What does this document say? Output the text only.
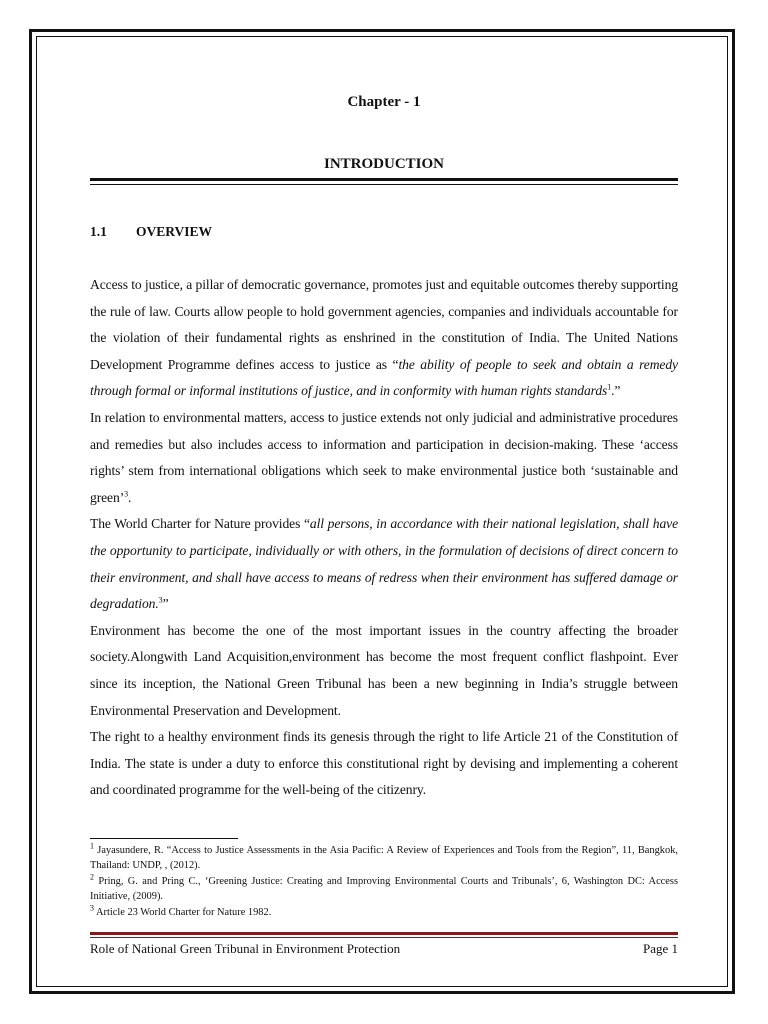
Chapter - 1
INTRODUCTION
1.1 OVERVIEW

Access to justice, a pillar of democratic governance, promotes just and equitable outcomes thereby supporting the rule of law. Courts allow people to hold government agencies, companies and individuals accountable for the violation of their fundamental rights as enshrined in the constitution of India. The United Nations Development Programme defines access to justice as “the ability of people to seek and obtain a remedy through formal or informal institutions of justice, and in conformity with human rights standards$^1$.”

In relation to environmental matters, access to justice extends not only judicial and administrative procedures and remedies but also includes access to information and participation in decision-making. These ‘access rights’ stem from international obligations which seek to make environmental justice both ‘sustainable and green’$^3$.

The World Charter for Nature provides “all persons, in accordance with their national legislation, shall have the opportunity to participate, individually or with others, in the formulation of decisions of direct concern to their environment, and shall have access to means of redress when their environment has suffered damage or degradation.$^3$”

Environment has become the one of the most important issues in the country affecting the broader society.Alongwith Land Acquisition,environment has become the most frequent conflict flashpoint. Ever since its inception, the National Green Tribunal has been a new beginning in India’s struggle between Environmental Preservation and Development.

The right to a healthy environment finds its genesis through the right to life Article 21 of the Constitution of India. The state is under a duty to enforce this constitutional right by devising and implementing a coherent and coordinated programme for the well-being of the citizenry.

$^1$ Jayasundere, R. “Access to Justice Assessments in the Asia Pacific: A Review of Experiences and Tools from the Region”, 11, Bangkok, Thailand: UNDP, , (2012).

$^2$ Pring, G. and Pring C., ‘Greening Justice: Creating and Improving Environmental Courts and Tribunals’, 6, Washington DC: Access Initiative, (2009).

$^3$ Article 23 World Charter for Nature 1982.

Role of National Green Tribunal in Environment Protection	Page 1
